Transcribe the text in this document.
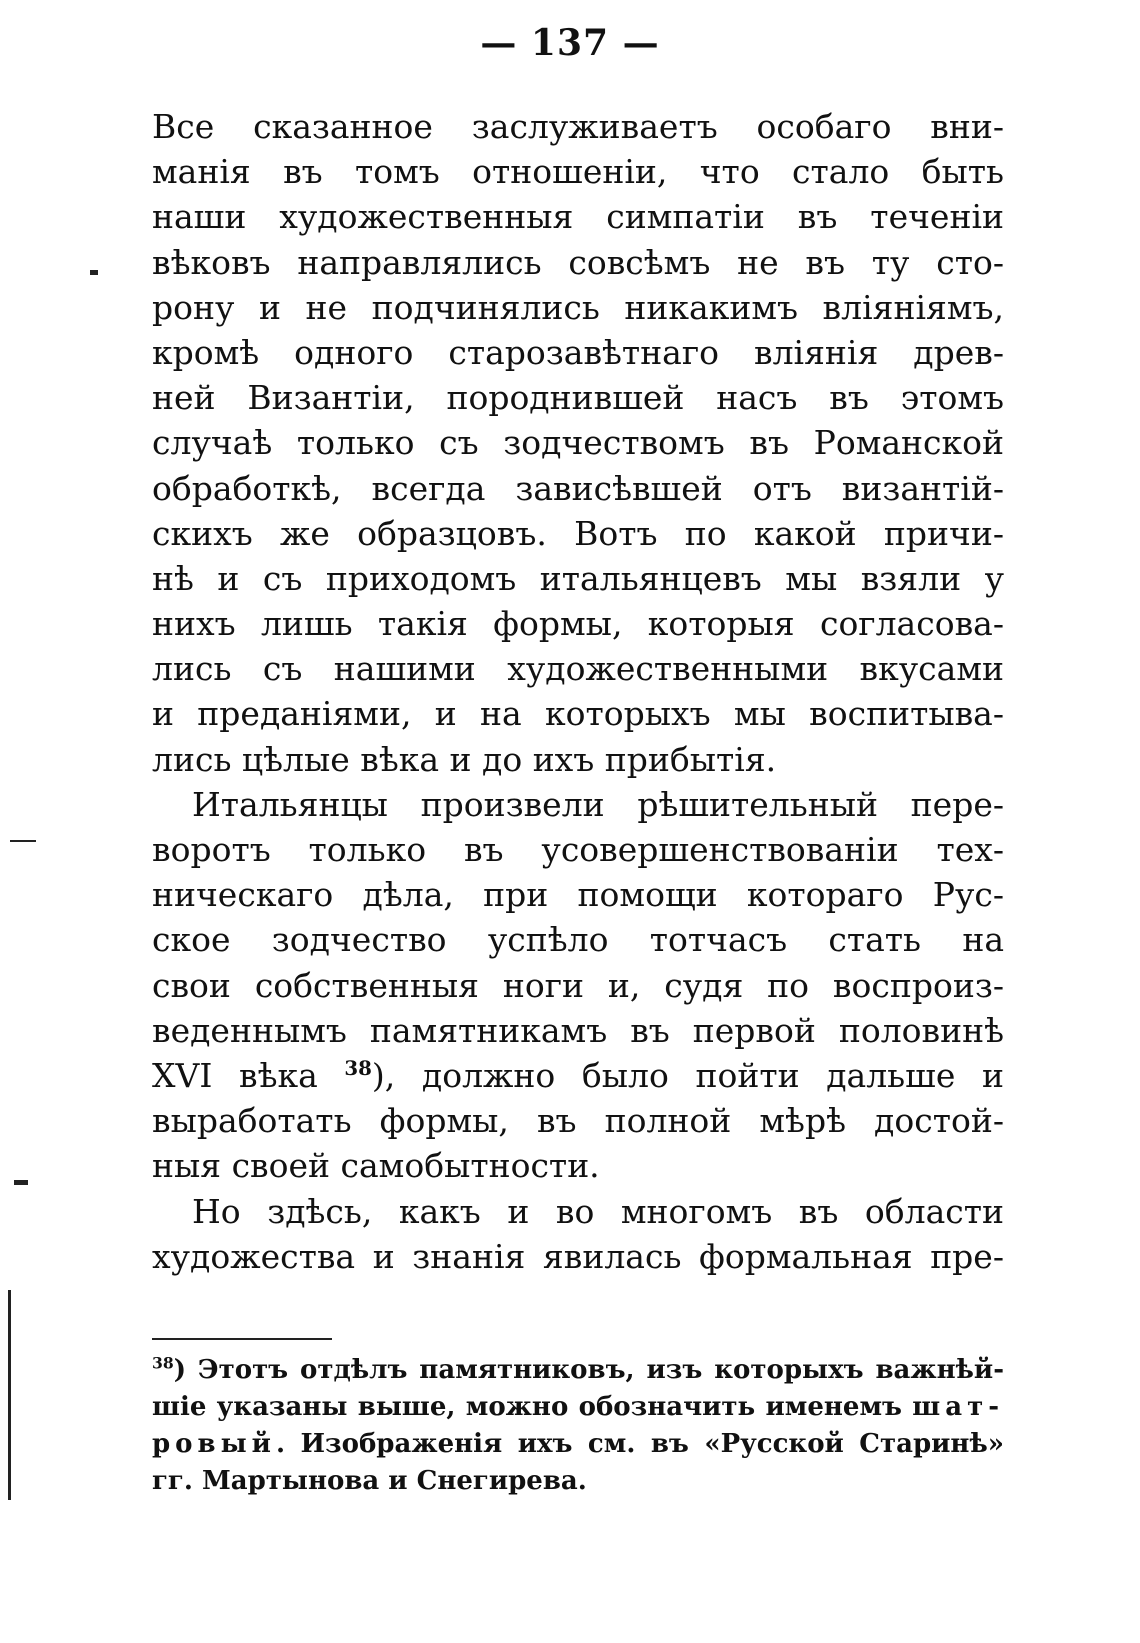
— 137 —
Все сказанное заслуживаетъ особаго вни-
манія въ томъ отношеніи, что стало быть
наши художественныя симпатіи въ теченіи
вѣковъ направлялись совсѣмъ не въ ту сто-
рону и не подчинялись никакимъ вліяніямъ,
кромѣ одного старозавѣтнаго вліянія древ-
ней Византіи, породнившей насъ въ этомъ
случаѣ только съ зодчествомъ въ Романской
обработкѣ, всегда зависѣвшей отъ византій-
скихъ же образцовъ. Вотъ по какой причи-
нѣ и съ приходомъ итальянцевъ мы взяли у
нихъ лишь такія формы, которыя согласова-
лись съ нашими художественными вкусами
и преданіями, и на которыхъ мы воспитыва-
лись цѣлые вѣка и до ихъ прибытія.
Итальянцы произвели рѣшительный пере-
воротъ только въ усовершенствованіи тех-
ническаго дѣла, при помощи котораго Рус-
ское зодчество успѣло тотчасъ стать на
свои собственныя ноги и, судя по воспроиз-
веденнымъ памятникамъ въ первой половинѣ
XVI вѣка $^{38}$), должно было пойти дальше и
выработать формы, въ полной мѣрѣ достой-
ныя своей самобытности.
Но здѣсь, какъ и во многомъ въ области
художества и знанія явилась формальная пре-
$^{38}$) Этотъ отдѣлъ памятниковъ, изъ которыхъ важнѣй-
шіе указаны выше, можно обозначить именемъ шат-
ровый. Изображенія ихъ см. въ «Русской Старинѣ»
гг. Мартынова и Снегирева.
